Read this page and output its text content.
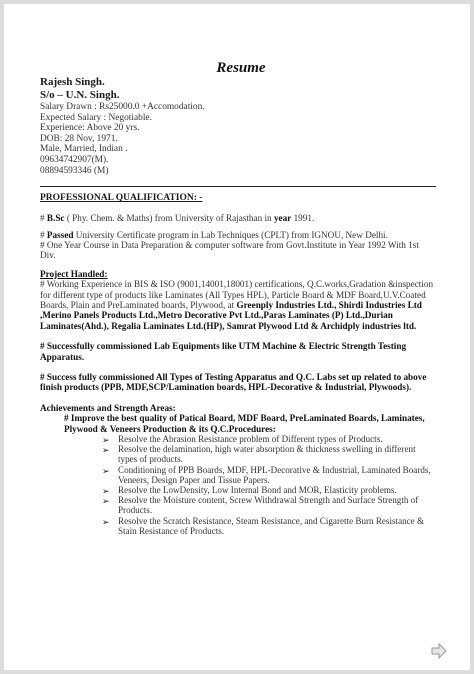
Resume
Rajesh Singh.
S/o – U.N. Singh.
Salary Drawn : Rs25000.0 +Accomodation.
Expected Salary : Negotiable.
Experience: Above 20 yrs.
DOB: 28 Nov, 1971.
Male, Married, Indian .
09634742907(M).
08894593346 (M)
PROFESSIONAL QUALIFICATION: -
# B.Sc ( Phy. Chem. & Maths) from University of Rajasthan in year 1991.
# Passed University Certificate program in Lab Techniques (CPLT) from IGNOU, New Delhi.
# One Year Course in Data Preparation & computer software from Govt.Institute in Year 1992 With 1st Div.
Project Handled:
# Working Experience in BIS & ISO (9001,14001,18001) certifications, Q.C.works,Gradation &inspection for different type of products like Laminates (All Types HPL), Particle Board & MDF Board,U.V.Coated Boards, Plain and PreLaminated boards, Plywood, at Greenply Industries Ltd., Shirdi Industries Ltd ,Merino Panels Products Ltd.,Metro Decorative Pvt Ltd.,Paras Laminates (P) Ltd.,Durian Laminates(Ahd.), Regalia Laminates Ltd.(HP), Samrat Plywood Ltd & Archidply industries ltd.
# Successfully commissioned Lab Equipments like UTM Machine & Electric Strength Testing Apparatus.
# Success fully commissioned All Types of Testing Apparatus and Q.C. Labs set up related to above finish products (PPB, MDF,SCP/Lamination boards, HPL-Decorative & Industrial, Plywoods).
Achievements and Strength Areas:
# Improve the best quality of Patical Board, MDF Board, PreLaminated Boards, Laminates, Plywood & Veneers Production & its Q.C.Procedures:
➢ Resolve the Abrasion Resistance problem of Different types of Products.
➢ Resolve the delamination, high water absorption & thickness swelling in different types of products.
➢ Conditioning of PPB Boards, MDF, HPL-Decorative & Industrial, Laminated Boards, Veneers, Design Paper and Tissue Papers.
➢ Resolve the LowDensity, Low Internal Bond and MOR, Elasticity problems.
➢ Resolve the Moisture content, Screw Withdrawal Strength and Surface Strength of Products.
➢ Resolve the Scratch Resistance, Steam Resistance, and Cigarette Burn Resistance & Stain Resistance of Products.
